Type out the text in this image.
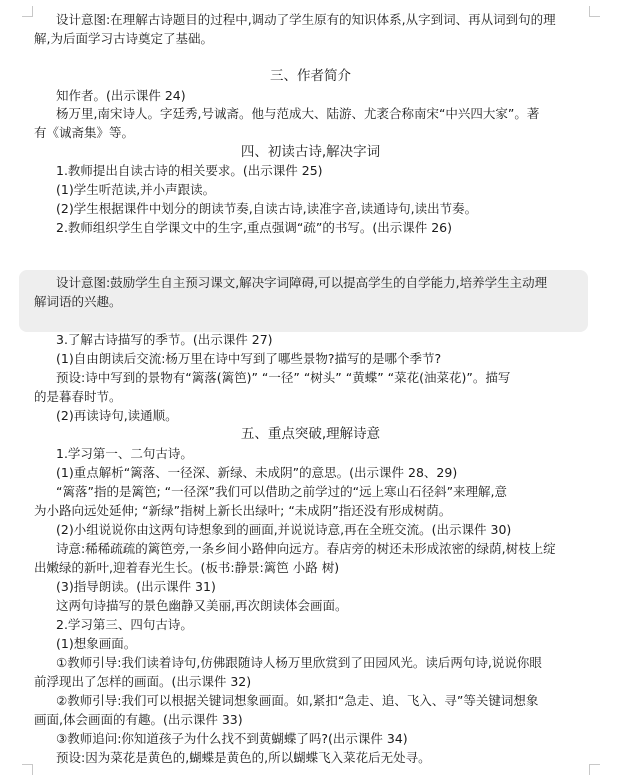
设计意图:在理解古诗题目的过程中,调动了学生原有的知识体系,从字到词、再从词到句的理
解,为后面学习古诗奠定了基础。
三、作者简介
知作者。(出示课件 24)
杨万里,南宋诗人。字廷秀,号诚斋。他与范成大、陆游、尤袤合称南宋“中兴四大家”。著
有《诚斋集》等。
四、初读古诗,解决字词
1.教师提出自读古诗的相关要求。(出示课件 25)
(1)学生听范读,并小声跟读。
(2)学生根据课件中划分的朗读节奏,自读古诗,读准字音,读通诗句,读出节奏。
2.教师组织学生自学课文中的生字,重点强调“疏”的书写。(出示课件 26)
设计意图:鼓励学生自主预习课文,解决字词障碍,可以提高学生的自学能力,培养学生主动理
解词语的兴趣。
3.了解古诗描写的季节。(出示课件 27)
(1)自由朗读后交流:杨万里在诗中写到了哪些景物?描写的是哪个季节?
预设:诗中写到的景物有“篱落(篱笆)” “一径” “树头” “黄蝶” “菜花(油菜花)”。描写
的是暮春时节。
(2)再读诗句,读通顺。
五、重点突破,理解诗意
1.学习第一、二句古诗。
(1)重点解析“篱落、一径深、新绿、未成阴”的意思。(出示课件 28、29)
“篱落”指的是篱笆; “一径深”我们可以借助之前学过的“远上寒山石径斜”来理解,意
为小路向远处延伸; “新绿”指树上新长出绿叶; “未成阴”指还没有形成树荫。
(2)小组说说你由这两句诗想象到的画面,并说说诗意,再在全班交流。(出示课件 30)
诗意:稀稀疏疏的篱笆旁,一条乡间小路伸向远方。春店旁的树还未形成浓密的绿荫,树枝上绽
出嫩绿的新叶,迎着春光生长。(板书:静景:篱笆 小路 树)
(3)指导朗读。(出示课件 31)
这两句诗描写的景色幽静又美丽,再次朗读体会画面。
2.学习第三、四句古诗。
(1)想象画面。
①教师引导:我们读着诗句,仿佛跟随诗人杨万里欣赏到了田园风光。读后两句诗,说说你眼
前浮现出了怎样的画面。(出示课件 32)
②教师引导:我们可以根据关键词想象画面。如,紧扣“急走、追、飞入、寻”等关键词想象
画面,体会画面的有趣。(出示课件 33)
③教师追问:你知道孩子为什么找不到黄蝴蝶了吗?(出示课件 34)
预设:因为菜花是黄色的,蝴蝶是黄色的,所以蝴蝶飞入菜花后无处寻。
